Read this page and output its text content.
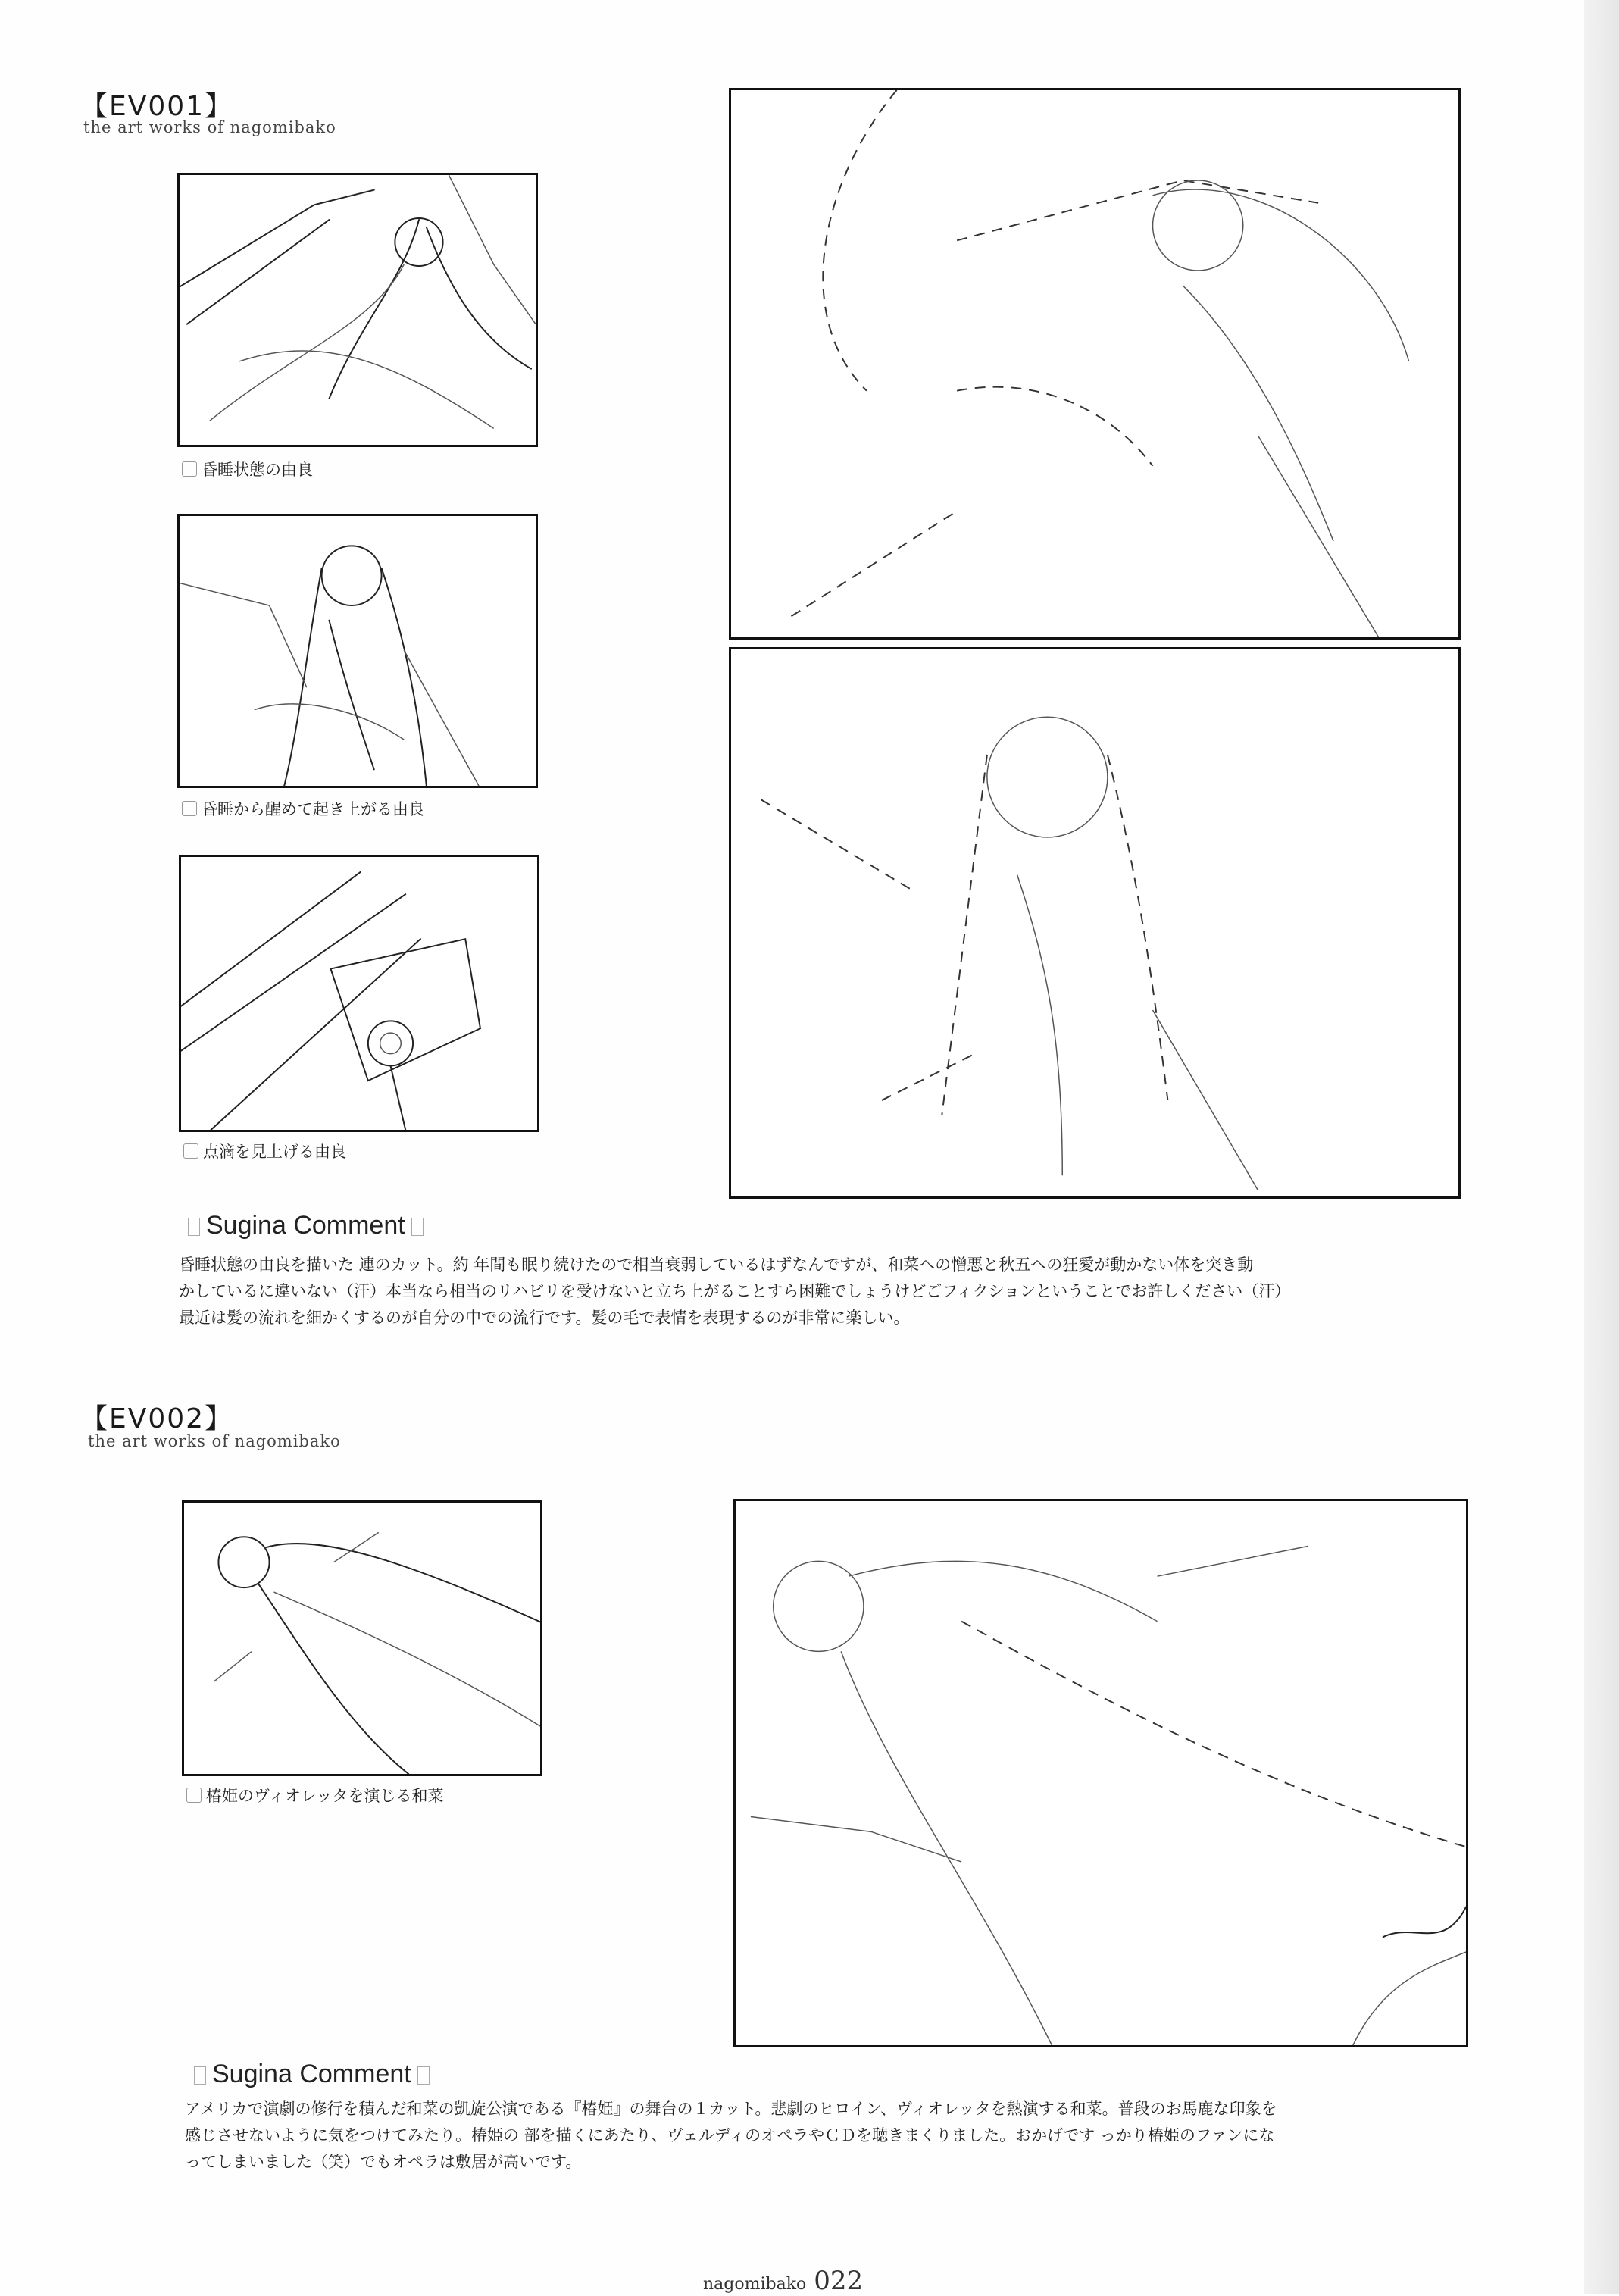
【EV001】
the art works of nagomibako
昏睡状態の由良
昏睡から醒めて起き上がる由良
点滴を見上げる由良
Sugina Comment

昏睡状態の由良を描いた 連のカット。約 年間も眠り続けたので相当衰弱しているはずなんですが、和菜への憎悪と秋五への狂愛が動かない体を突き動

かしているに違いない（汗）本当なら相当のリハビリを受けないと立ち上がることすら困難でしょうけどごフィクションということでお許しください（汗）

最近は髪の流れを細かくするのが自分の中での流行です。髪の毛で表情を表現するのが非常に楽しい。

【EV002】
the art works of nagomibako
椿姫のヴィオレッタを演じる和菜
Sugina Comment

アメリカで演劇の修行を積んだ和菜の凱旋公演である『椿姫』の舞台の１カット。悲劇のヒロイン、ヴィオレッタを熱演する和菜。普段のお馬鹿な印象を

感じさせないように気をつけてみたり。椿姫の 部を描くにあたり、ヴェルディのオペラやＣＤを聴きまくりました。おかげです っかり椿姫のファンにな

ってしまいました（笑）でもオペラは敷居が高いです。

nagomibako 022
